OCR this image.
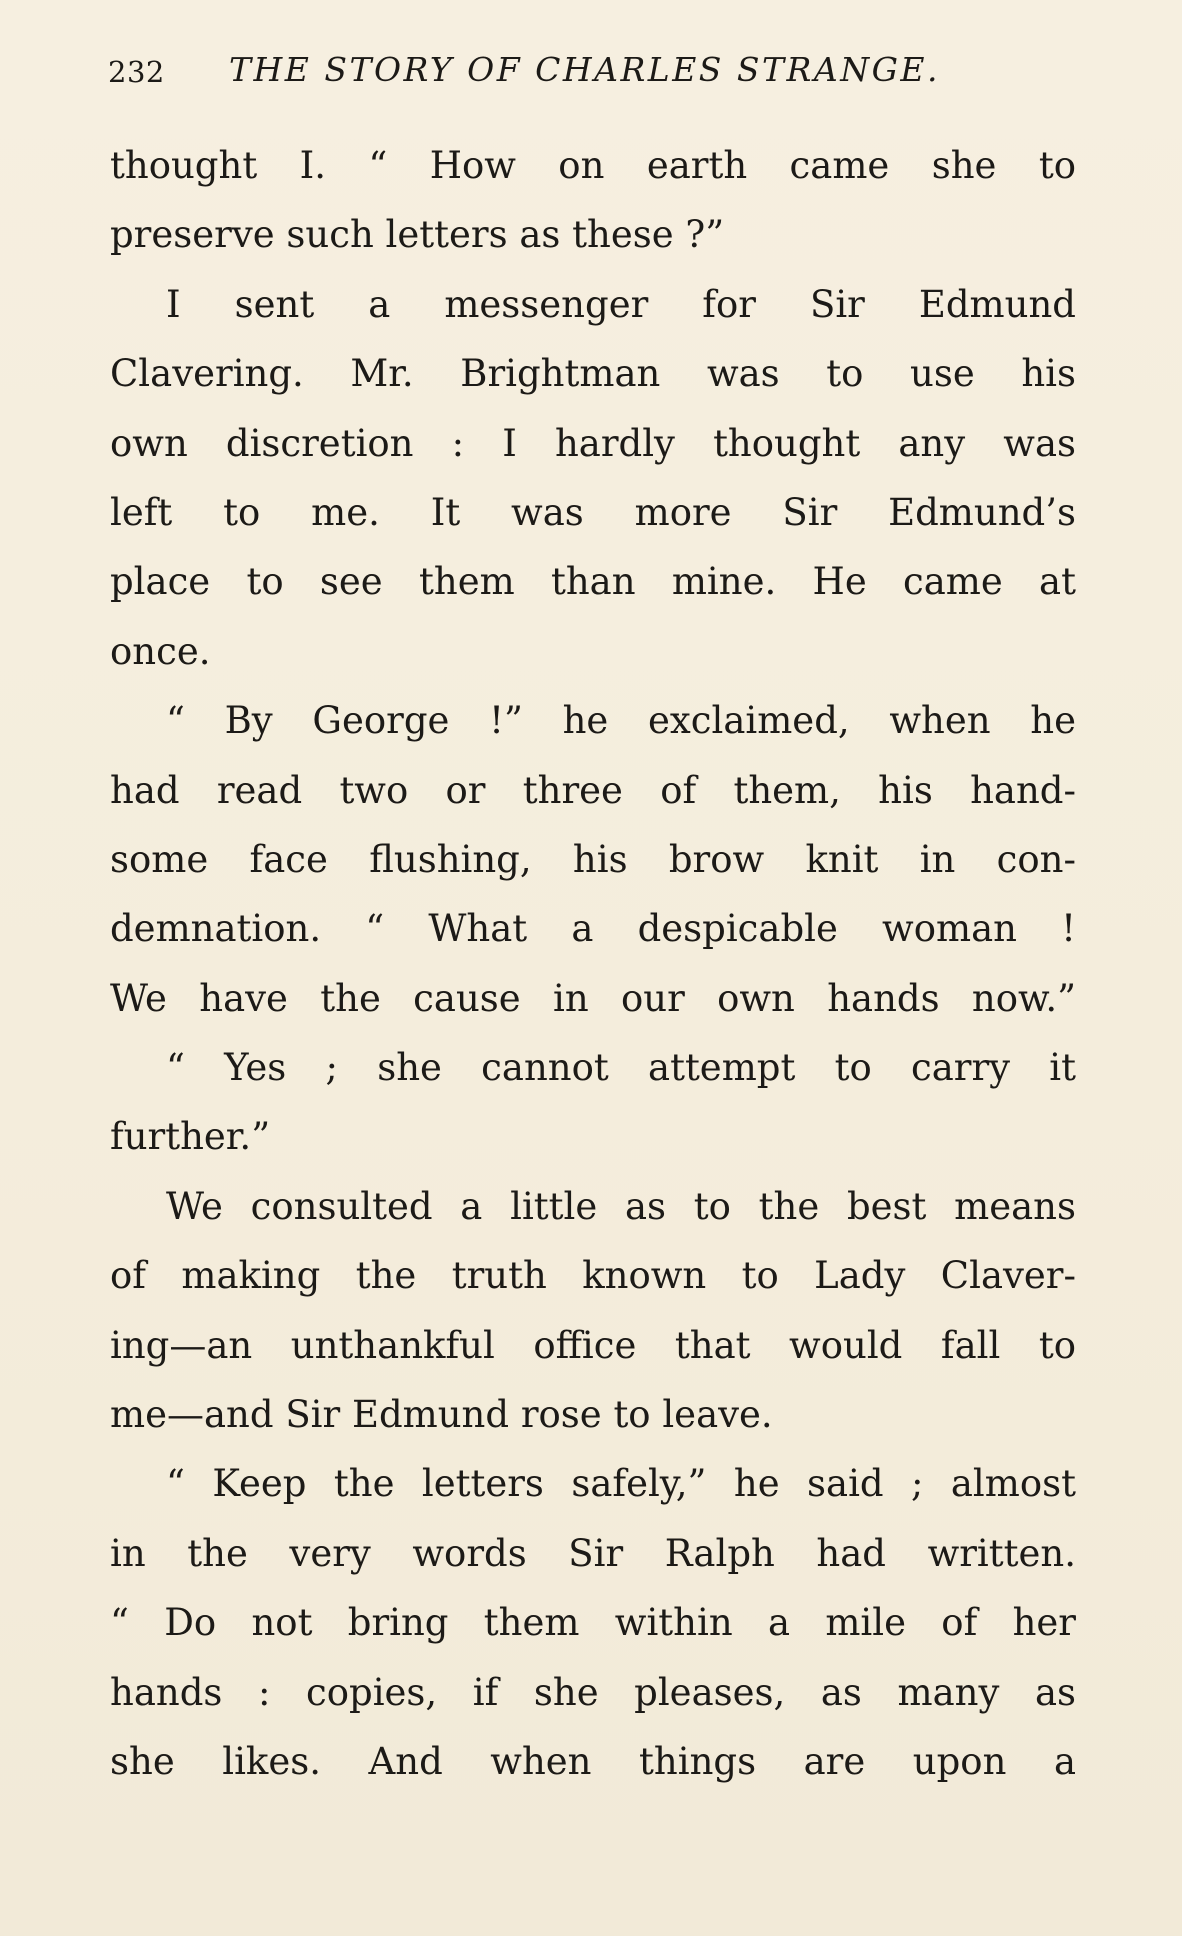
232 THE STORY OF CHARLES STRANGE.
thought I. “ How on earth came she to
preserve such letters as these ?”
I sent a messenger for Sir Edmund
Clavering. Mr. Brightman was to use his
own discretion : I hardly thought any was
left to me. It was more Sir Edmund’s
place to see them than mine. He came at
once.
“ By George !” he exclaimed, when he
had read two or three of them, his hand-
some face flushing, his brow knit in con-
demnation. “ What a despicable woman !
We have the cause in our own hands now.”
“ Yes ; she cannot attempt to carry it
further.”
We consulted a little as to the best means
of making the truth known to Lady Claver-
ing—an unthankful office that would fall to
me—and Sir Edmund rose to leave.
“ Keep the letters safely,” he said ; almost
in the very words Sir Ralph had written.
“ Do not bring them within a mile of her
hands : copies, if she pleases, as many as
she likes. And when things are upon a
